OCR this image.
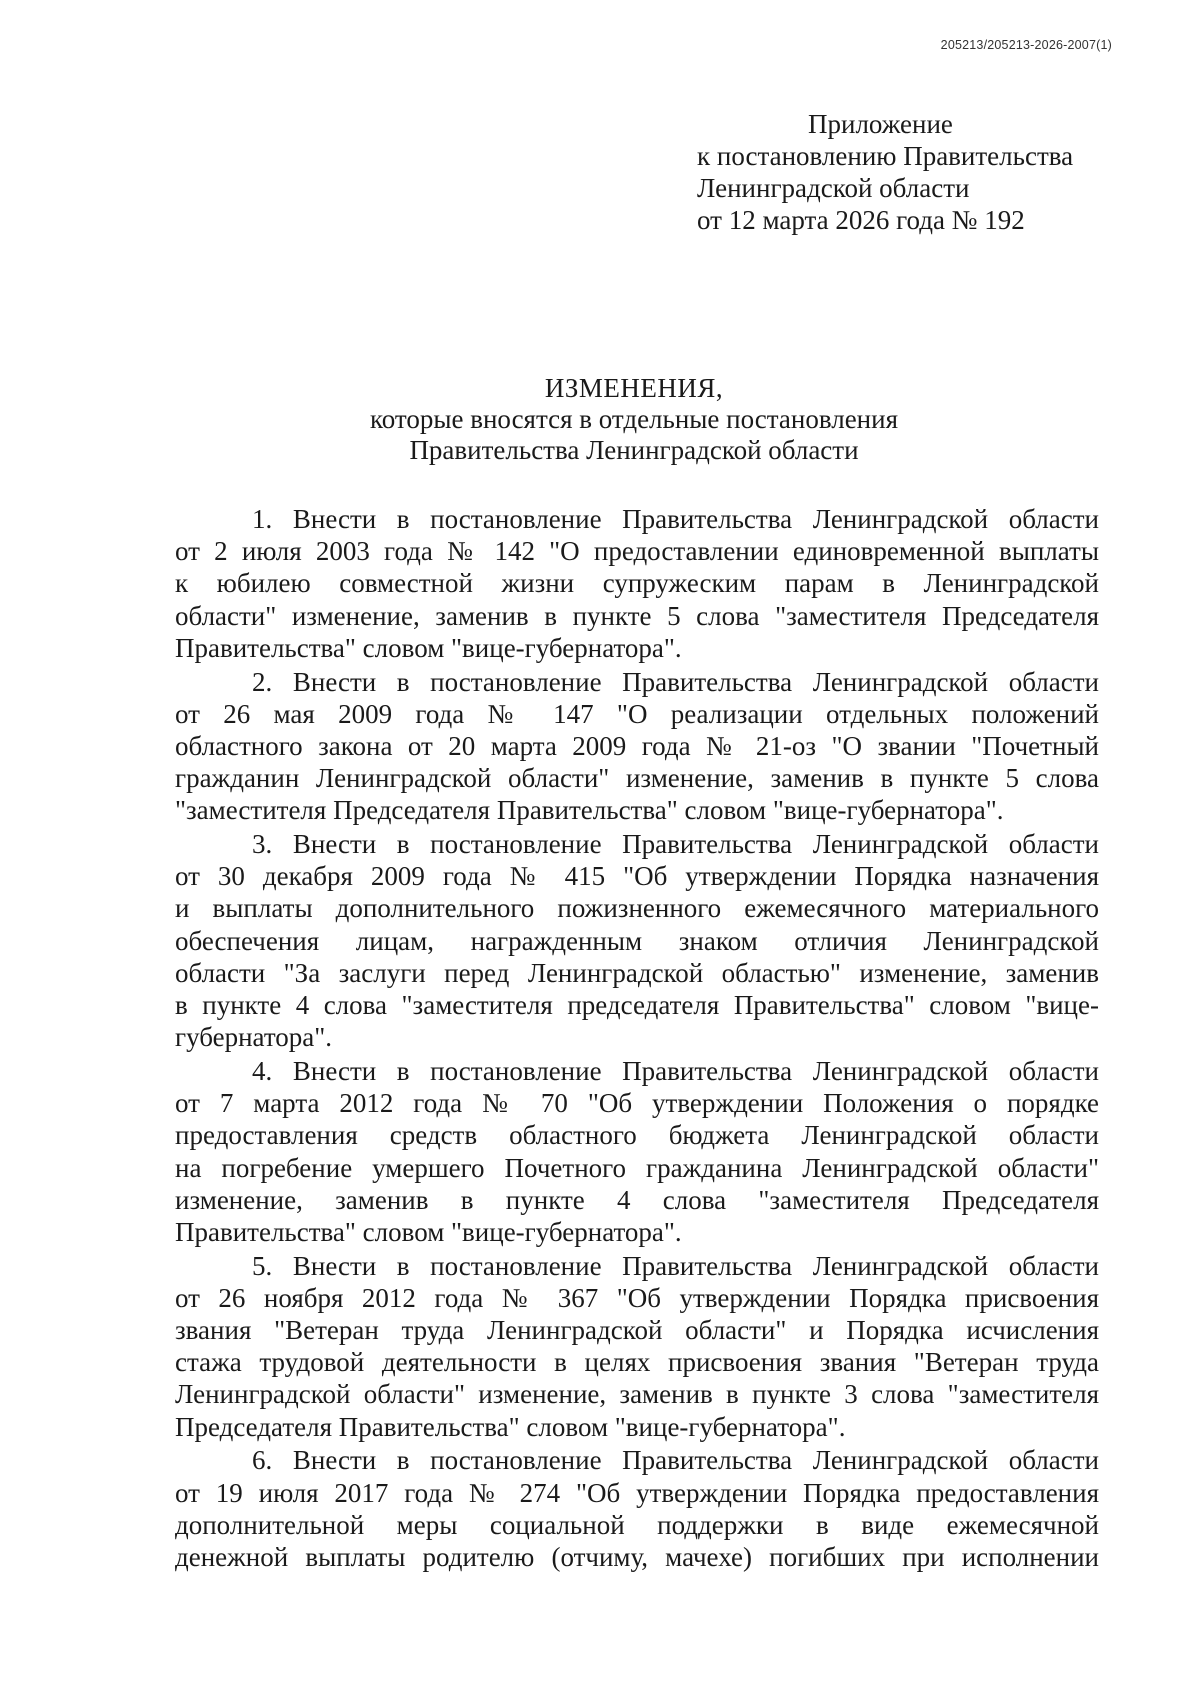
205213/205213-2026-2007(1)
Приложение
к постановлению Правительства
Ленинградской области
от 12 марта 2026 года № 192
ИЗМЕНЕНИЯ,
которые вносятся в отдельные постановления
Правительства Ленинградской области
1. Внести в постановление Правительства Ленинградской области
от 2 июля 2003 года № 142 "О предоставлении единовременной выплаты
к юбилею совместной жизни супружеским парам в Ленинградской
области" изменение, заменив в пункте 5 слова "заместителя Председателя
Правительства" словом "вице-губернатора".
2. Внести в постановление Правительства Ленинградской области
от 26 мая 2009 года № 147 "О реализации отдельных положений
областного закона от 20 марта 2009 года № 21-оз "О звании "Почетный
гражданин Ленинградской области" изменение, заменив в пункте 5 слова
"заместителя Председателя Правительства" словом "вице-губернатора".
3. Внести в постановление Правительства Ленинградской области
от 30 декабря 2009 года № 415 "Об утверждении Порядка назначения
и выплаты дополнительного пожизненного ежемесячного материального
обеспечения лицам, награжденным знаком отличия Ленинградской
области "За заслуги перед Ленинградской областью" изменение, заменив
в пункте 4 слова "заместителя председателя Правительства" словом "вице-
губернатора".
4. Внести в постановление Правительства Ленинградской области
от 7 марта 2012 года № 70 "Об утверждении Положения о порядке
предоставления средств областного бюджета Ленинградской области
на погребение умершего Почетного гражданина Ленинградской области"
изменение, заменив в пункте 4 слова "заместителя Председателя
Правительства" словом "вице-губернатора".
5. Внести в постановление Правительства Ленинградской области
от 26 ноября 2012 года № 367 "Об утверждении Порядка присвоения
звания "Ветеран труда Ленинградской области" и Порядка исчисления
стажа трудовой деятельности в целях присвоения звания "Ветеран труда
Ленинградской области" изменение, заменив в пункте 3 слова "заместителя
Председателя Правительства" словом "вице-губернатора".
6. Внести в постановление Правительства Ленинградской области
от 19 июля 2017 года № 274 "Об утверждении Порядка предоставления
дополнительной меры социальной поддержки в виде ежемесячной
денежной выплаты родителю (отчиму, мачехе) погибших при исполнении
